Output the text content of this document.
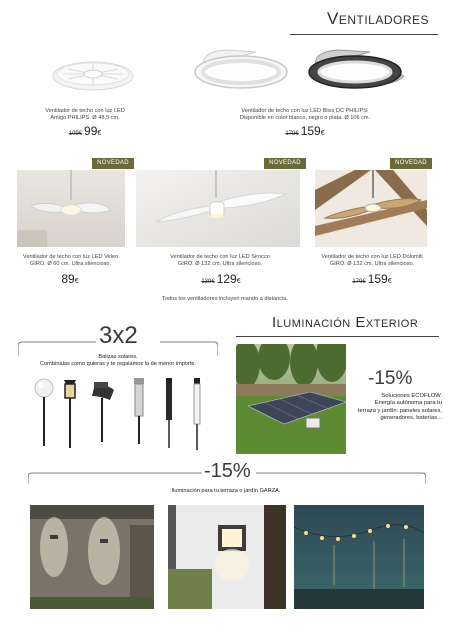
Ventiladores
Ventilador de techo con luz LED
Amigo PHILIPS. Ø 48,5 cm.
109€ 99€
Ventilador de techo con luz LED Bliss DC PHILIPS.
Disponible en color blanco, negro o plata. Ø 106 cm.
179€ 159€
NOVEDAD	NOVEDAD	NOVEDAD
Ventilador de techo con luz LED Veleo
GIRO. Ø 60 cm. Ultra silencioso.
89€
Ventilador de techo con luz LED Sirocco
GIRO. Ø 132 cm. Ultra silencioso.
139€ 129€
Ventilador de techo con luz LED Dolomiti
GIRO. Ø 132 cm. Ultra silencioso.
179€ 159€
Todos los ventiladores incluyen mando a distancia.
Iluminación Exterior
3x2
Balizas solares.
Combínalas como quieras y te regalamos la de menor importe.
-15%
Soluciones ECOFLOW.
Energía autónoma para tu
terraza y jardín: paneles solares,
generadores, baterías...
-15%
Iluminación para tu terraza o jardín GARZA.
